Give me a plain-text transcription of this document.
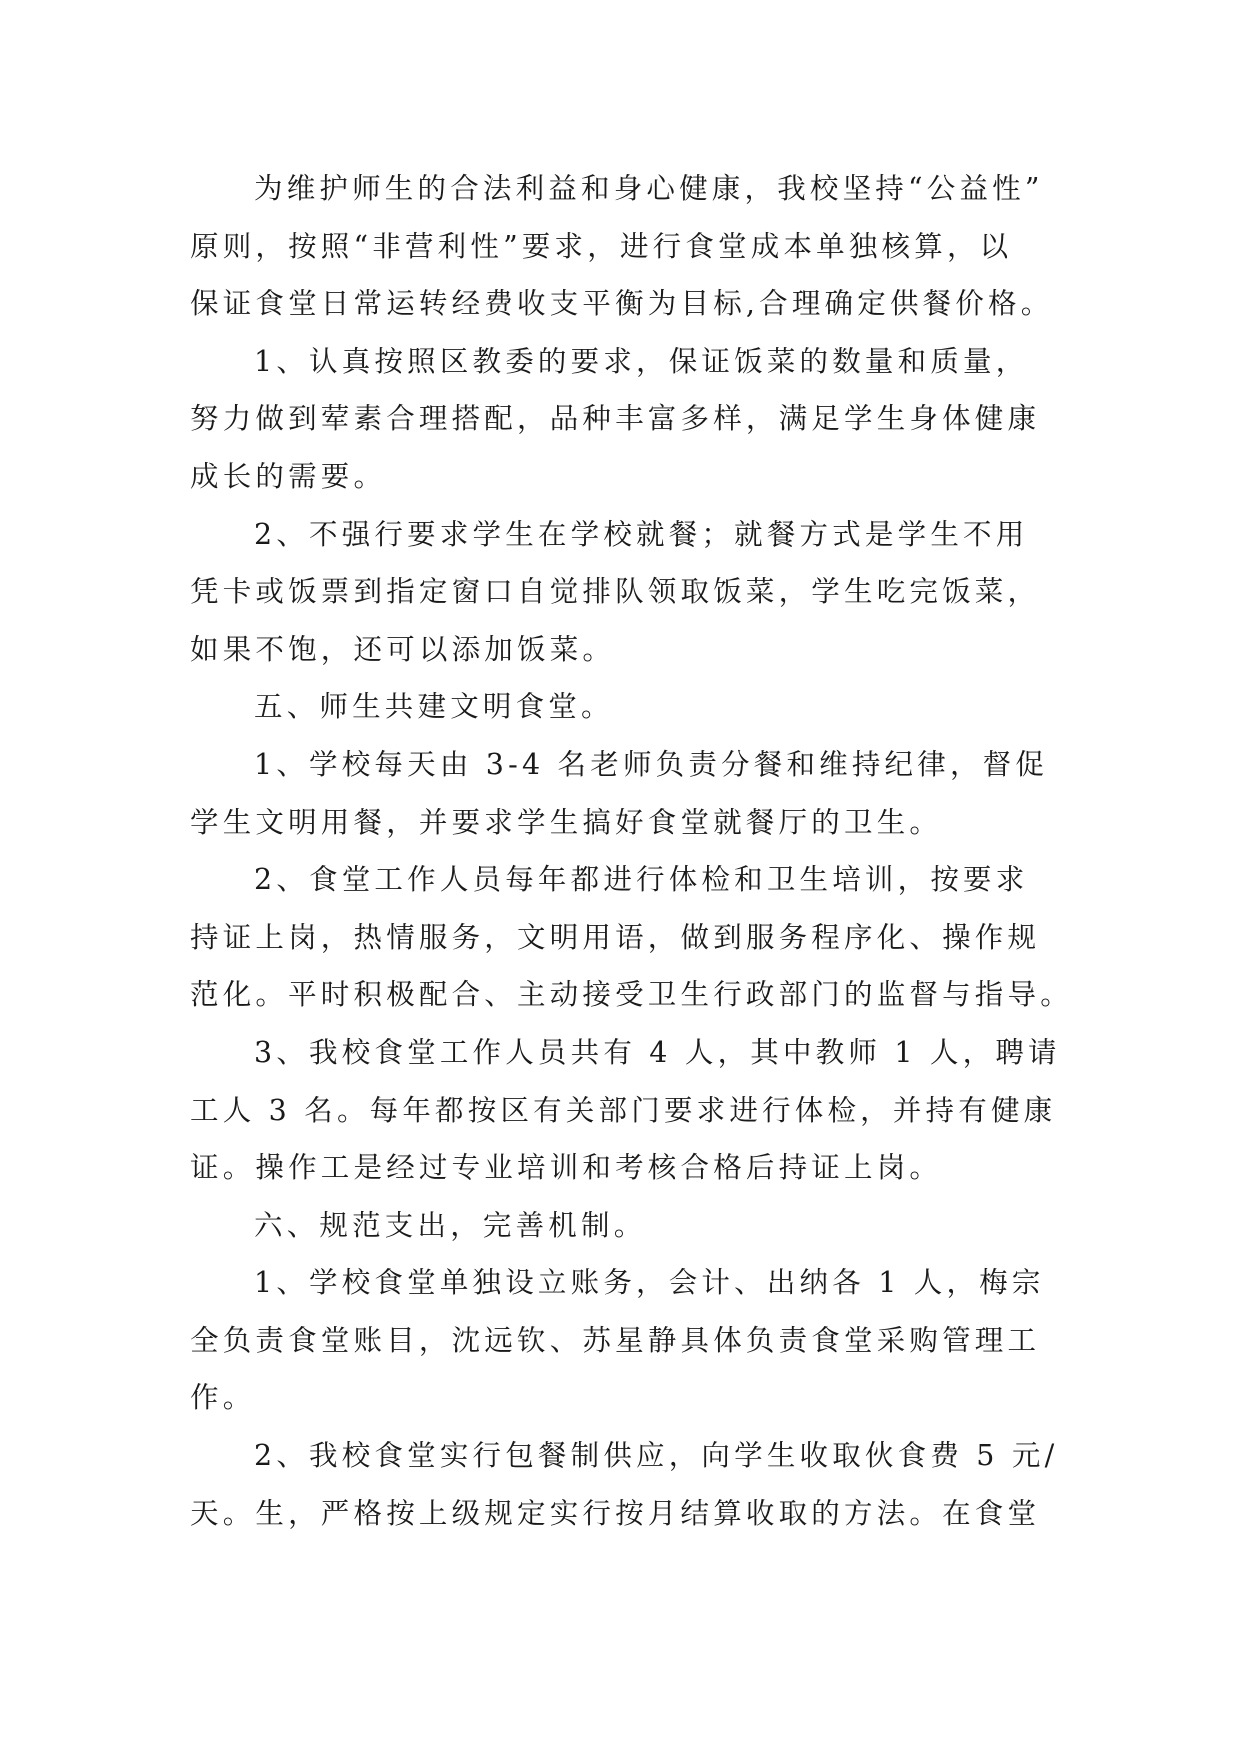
为维护师生的合法利益和身心健康，我校坚持“公益性”
原则，按照“非营利性”要求，进行食堂成本单独核算，以
保证食堂日常运转经费收支平衡为目标,合理确定供餐价格。
1、认真按照区教委的要求，保证饭菜的数量和质量，
努力做到荤素合理搭配，品种丰富多样，满足学生身体健康
成长的需要。
2、不强行要求学生在学校就餐；就餐方式是学生不用
凭卡或饭票到指定窗口自觉排队领取饭菜，学生吃完饭菜，
如果不饱，还可以添加饭菜。
五、师生共建文明食堂。
1、学校每天由 3-4 名老师负责分餐和维持纪律，督促
学生文明用餐，并要求学生搞好食堂就餐厅的卫生。
2、食堂工作人员每年都进行体检和卫生培训，按要求
持证上岗，热情服务，文明用语，做到服务程序化、操作规
范化。平时积极配合、主动接受卫生行政部门的监督与指导。
3、我校食堂工作人员共有 4 人，其中教师 1 人，聘请
工人 3 名。每年都按区有关部门要求进行体检，并持有健康
证。操作工是经过专业培训和考核合格后持证上岗。
六、规范支出，完善机制。
1、学校食堂单独设立账务，会计、出纳各 1 人，梅宗
全负责食堂账目，沈远钦、苏星静具体负责食堂采购管理工
作。
2、我校食堂实行包餐制供应，向学生收取伙食费 5 元/
天。生，严格按上级规定实行按月结算收取的方法。在食堂
